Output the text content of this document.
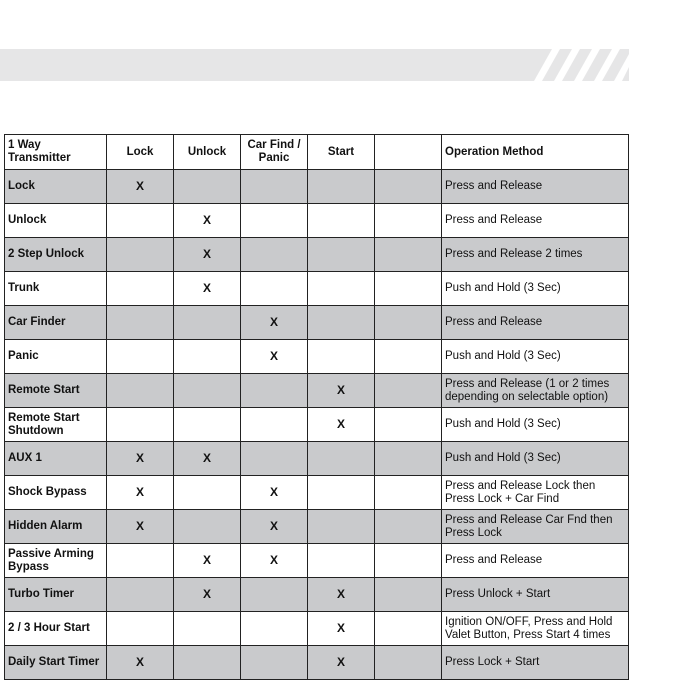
1 Way Transmitter	Lock	Unlock	Car Find / Panic	Start		Operation Method
Lock	X					Press and Release
Unlock		X				Press and Release
2 Step Unlock		X				Press and Release 2 times
Trunk		X				Push and Hold (3 Sec)
Car Finder			X			Press and Release
Panic			X			Push and Hold (3 Sec)
Remote Start				X		Press and Release (1 or 2 times depending on selectable option)
Remote Start Shutdown				X		Push and Hold (3 Sec)
AUX 1	X	X				Push and Hold (3 Sec)
Shock Bypass	X		X			Press and Release Lock then Press Lock + Car Find
Hidden Alarm	X		X			Press and Release Car Fnd then Press Lock
Passive Arming Bypass		X	X			Press and Release
Turbo Timer		X		X		Press Unlock + Start
2 / 3 Hour Start				X		Ignition ON/OFF, Press and Hold Valet Button, Press Start 4 times
Daily Start Timer	X			X		Press Lock + Start
